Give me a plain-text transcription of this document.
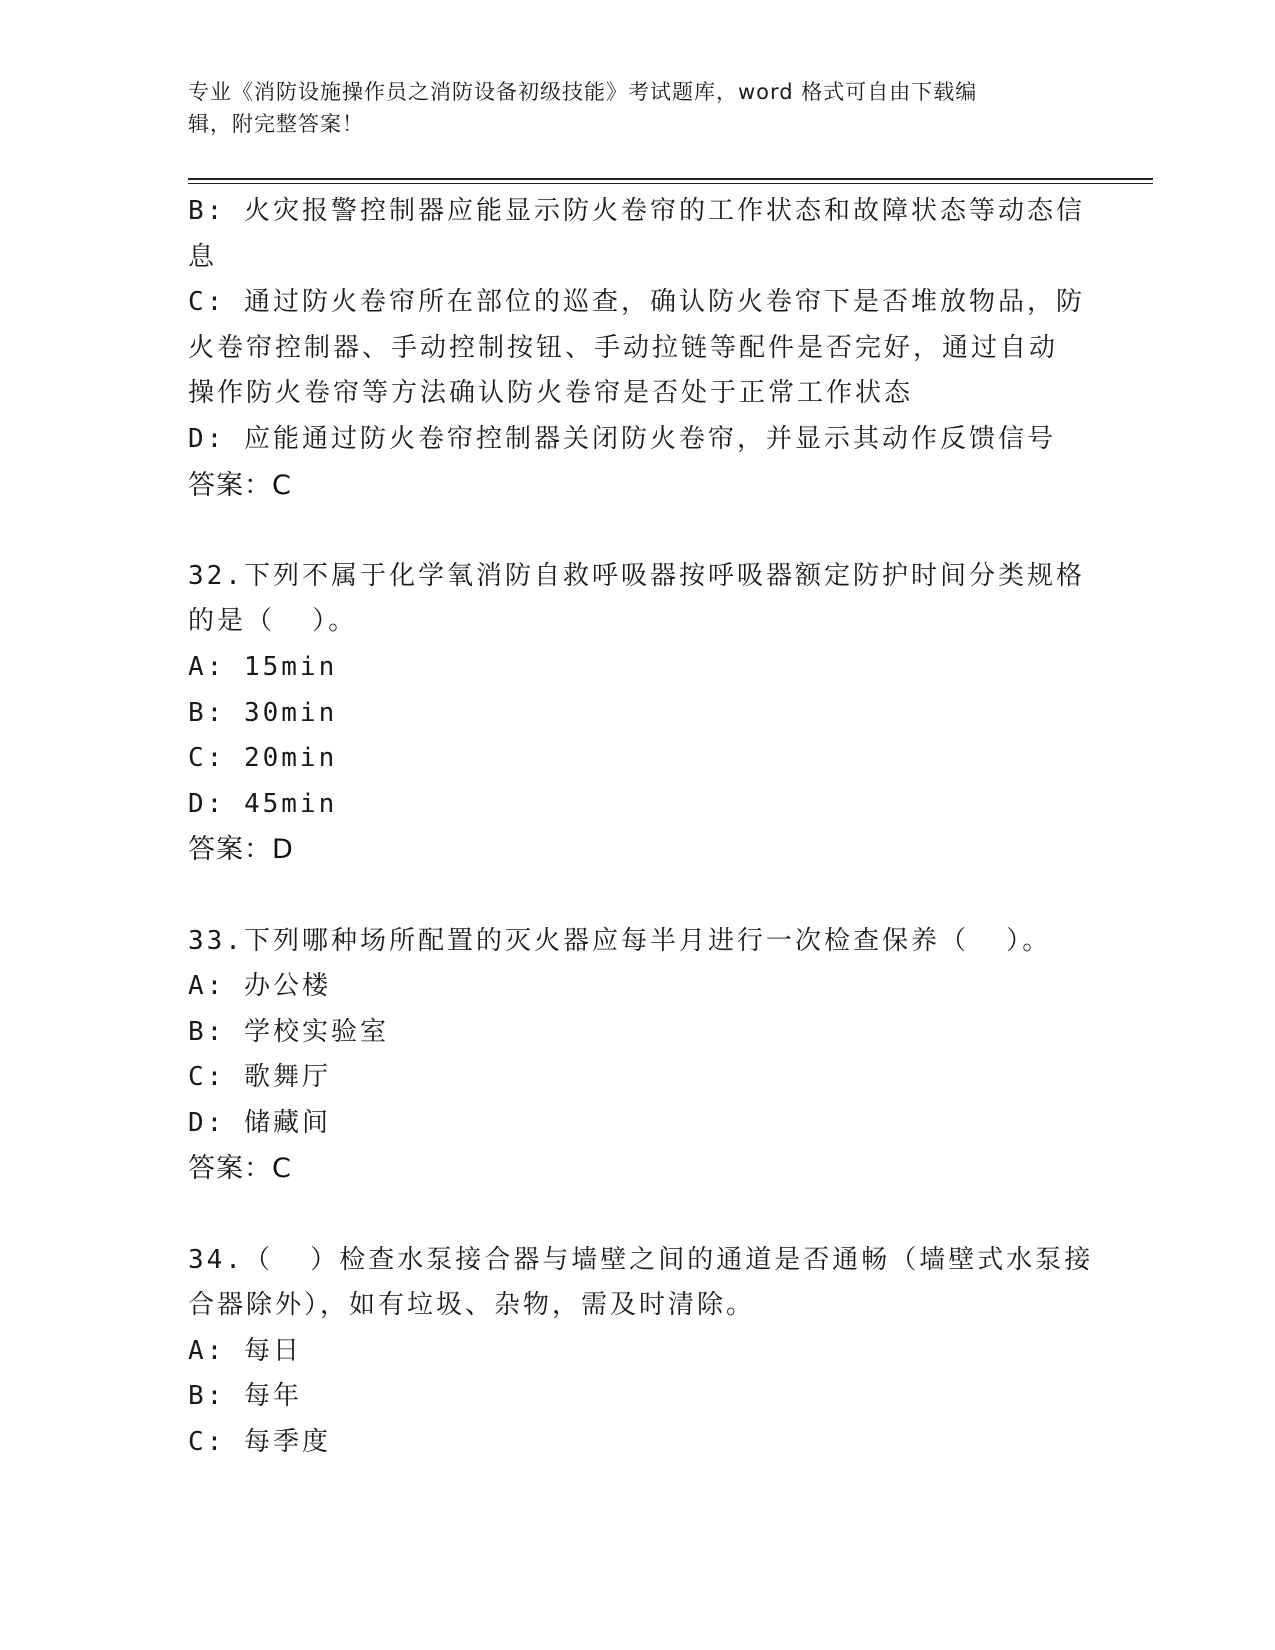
专业《消防设施操作员之消防设备初级技能》考试题库，word 格式可自由下载编
辑，附完整答案！

B: 火灾报警控制器应能显示防火卷帘的工作状态和故障状态等动态信

息

C: 通过防火卷帘所在部位的巡查，确认防火卷帘下是否堆放物品，防

火卷帘控制器、手动控制按钮、手动拉链等配件是否完好，通过自动

操作防火卷帘等方法确认防火卷帘是否处于正常工作状态

D: 应能通过防火卷帘控制器关闭防火卷帘，并显示其动作反馈信号

答案：C

32.下列不属于化学氧消防自救呼吸器按呼吸器额定防护时间分类规格

的是（  ）。

A: 15min

B: 30min

C: 20min

D: 45min

答案：D

33.下列哪种场所配置的灭火器应每半月进行一次检查保养（  ）。

A: 办公楼

B: 学校实验室

C: 歌舞厅

D: 储藏间

答案：C

34.（  ）检查水泵接合器与墙壁之间的通道是否通畅（墙壁式水泵接

合器除外），如有垃圾、杂物，需及时清除。

A: 每日

B: 每年

C: 每季度
